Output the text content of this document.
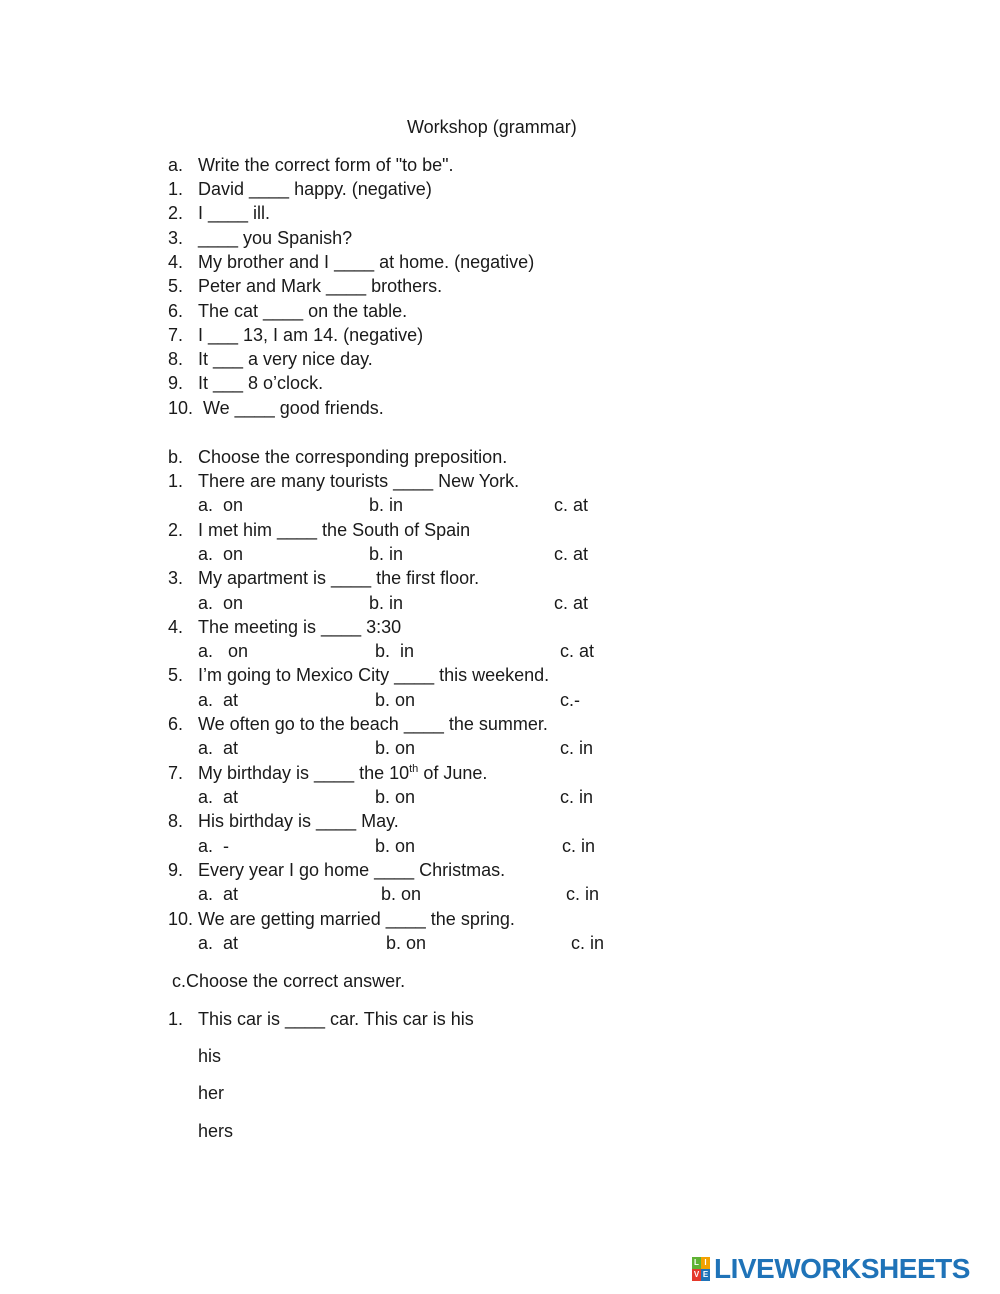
Workshop (grammar)
a. Write the correct form of "to be".
1. David ____ happy. (negative)
2. I ____ ill.
3. ____ you Spanish?
4. My brother and I ____ at home. (negative)
5. Peter and Mark ____ brothers.
6. The cat ____ on the table.
7. I ___ 13, I am 14. (negative)
8. It ___ a very nice day.
9. It ___ 8 o’clock.
10. We ____ good friends.
b. Choose the corresponding preposition.
1. There are many tourists ____ New York.
a.  on	b. in	c. at
2. I met him ____ the South of Spain
a.  on	b. in	c. at
3. My apartment is ____ the first floor.
a.  on	b. in	c. at
4. The meeting is ____ 3:30
a.   on	b.  in	c. at
5. I’m going to Mexico City ____ this weekend.
a.  at	b. on	c.-
6. We often go to the beach ____ the summer.
a.  at	b. on	c. in
7. My birthday is ____ the 10th of June.
a.  at	b. on	c. in
8. His birthday is ____ May.
a.  -	b. on	c. in
9. Every year I go home ____ Christmas.
a.  at	b. on	c. in
10. We are getting married ____ the spring.
a.  at	b. on	c. in
c.Choose the correct answer.
1. This car is ____ car. This car is his
his
her
hers
L I
V E LIVEWORKSHEETS
